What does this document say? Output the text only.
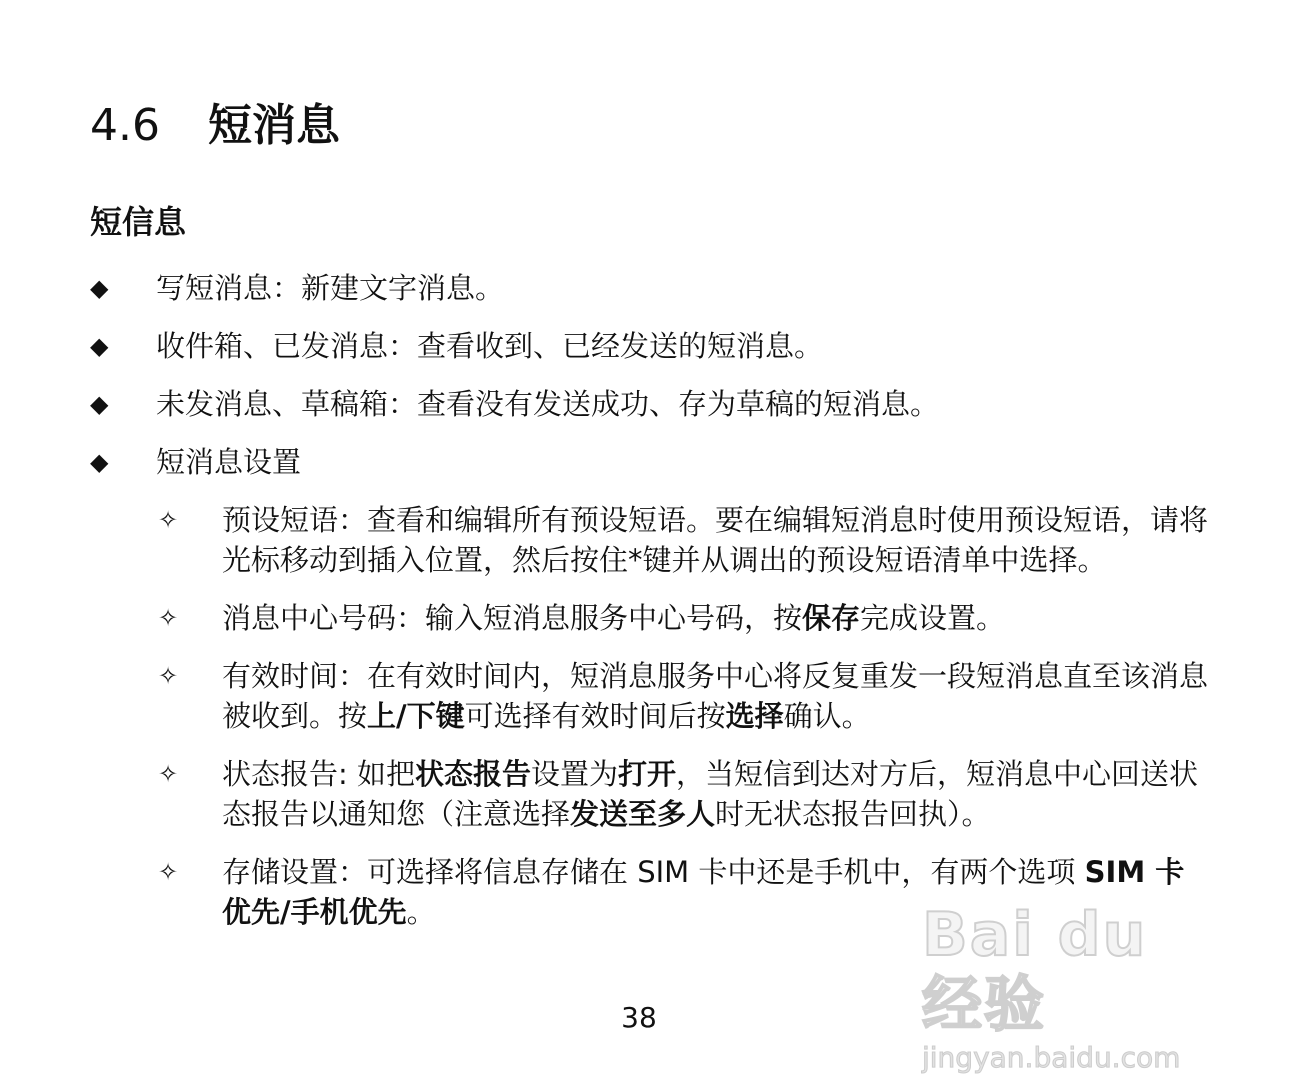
4.6 短消息
短信息
◆ 写短消息：新建文字消息。
◆ 收件箱、已发消息：查看收到、已经发送的短消息。
◆ 未发消息、草稿箱：查看没有发送成功、存为草稿的短消息。
◆ 短消息设置
✧ 预设短语：查看和编辑所有预设短语。要在编辑短消息时使用预设短语，请将光标移动到插入位置，然后按住*键并从调出的预设短语清单中选择。
✧ 消息中心号码：输入短消息服务中心号码，按保存完成设置。
✧ 有效时间：在有效时间内，短消息服务中心将反复重发一段短消息直至该消息被收到。按上/下键可选择有效时间后按选择确认。
✧ 状态报告: 如把状态报告设置为打开，当短信到达对方后，短消息中心回送状态报告以通知您（注意选择发送至多人时无状态报告回执）。
✧ 存储设置：可选择将信息存储在 SIM 卡中还是手机中，有两个选项 SIM 卡优先/手机优先。
38
Bai du 经验
jingyan.baidu.com
